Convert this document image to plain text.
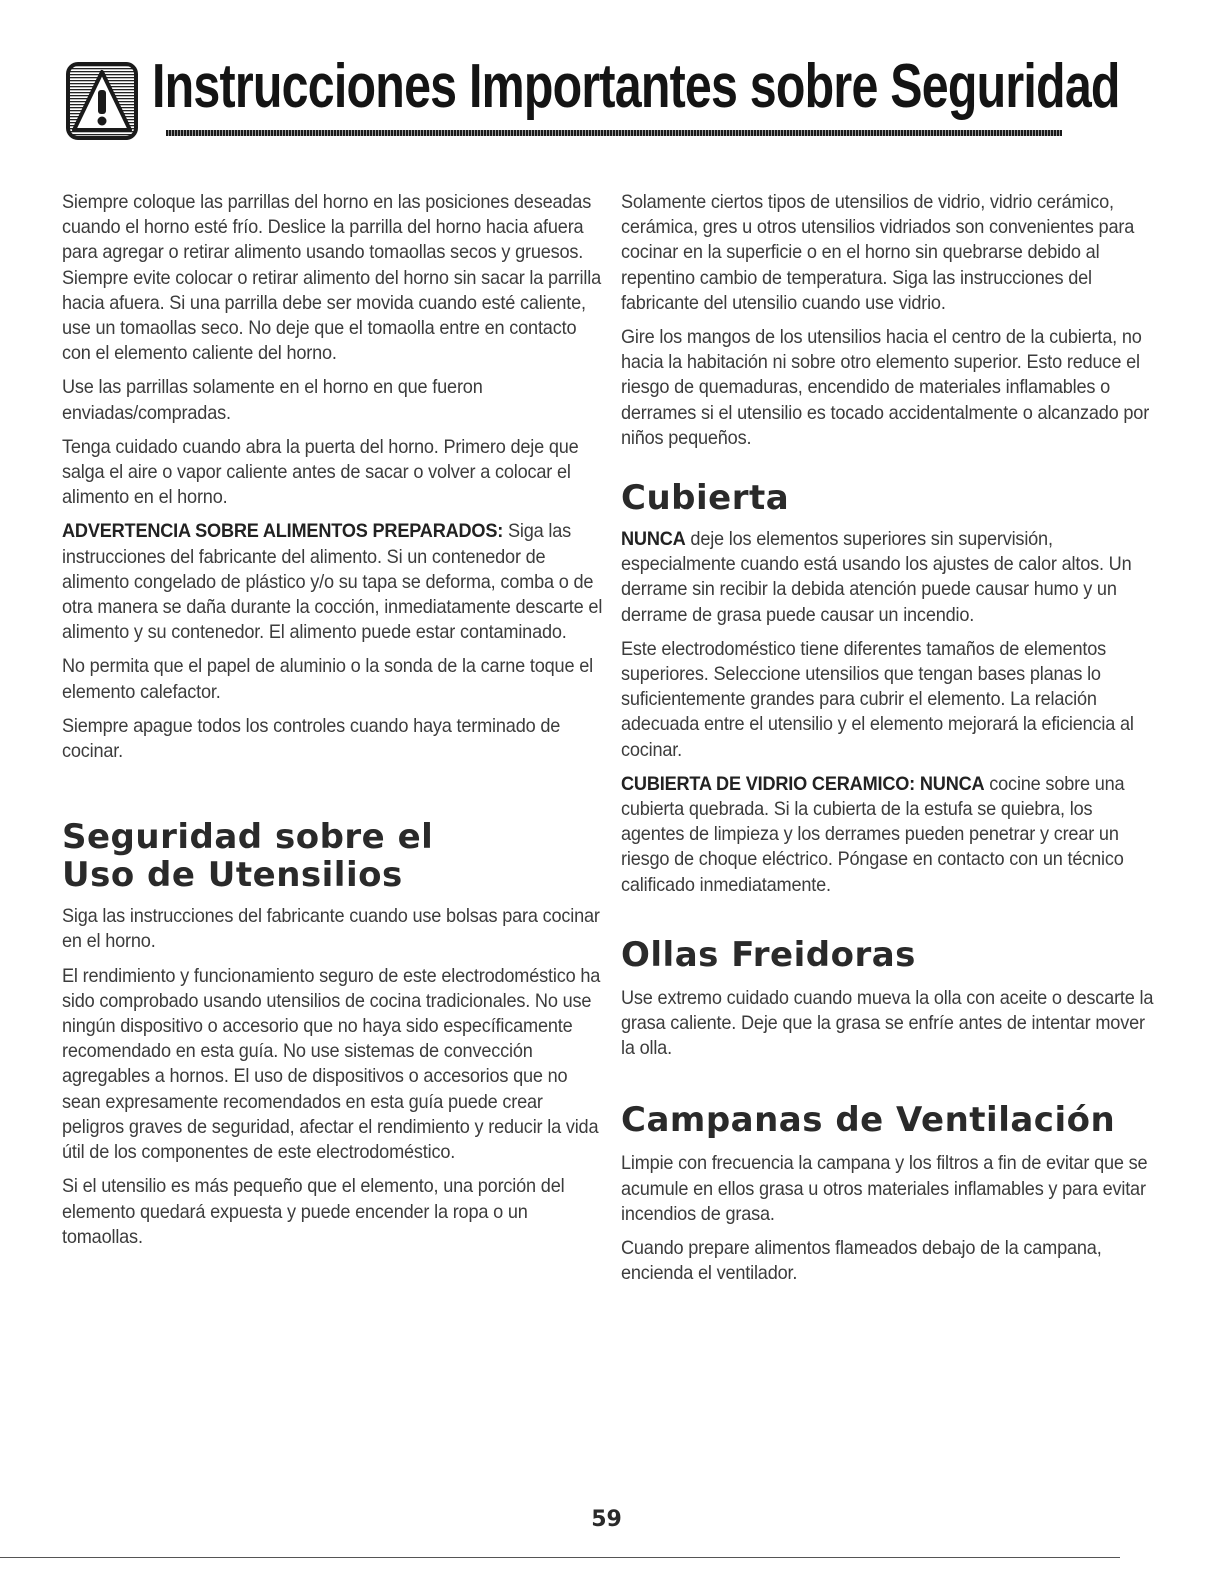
Instrucciones Importantes sobre Seguridad

Siempre coloque las parrillas del horno en las posiciones deseadas cuando el horno esté frío. Deslice la parrilla del horno hacia afuera para agregar o retirar alimento usando tomaollas secos y gruesos. Siempre evite colocar o retirar alimento del horno sin sacar la parrilla hacia afuera. Si una parrilla debe ser movida cuando esté caliente, use un tomaollas seco. No deje que el tomaolla entre en contacto con el elemento caliente del horno.

Use las parrillas solamente en el horno en que fueron enviadas/compradas.

Tenga cuidado cuando abra la puerta del horno. Primero deje que salga el aire o vapor caliente antes de sacar o volver a colocar el alimento en el horno.

ADVERTENCIA SOBRE ALIMENTOS PREPARADOS: Siga las instrucciones del fabricante del alimento. Si un contenedor de alimento congelado de plástico y/o su tapa se deforma, comba o de otra manera se daña durante la cocción, inmediatamente descarte el alimento y su contenedor. El alimento puede estar contaminado.

No permita que el papel de aluminio o la sonda de la carne toque el elemento calefactor.

Siempre apague todos los controles cuando haya terminado de cocinar.

Seguridad sobre el Uso de Utensilios

Siga las instrucciones del fabricante cuando use bolsas para cocinar en el horno.

El rendimiento y funcionamiento seguro de este electrodoméstico ha sido comprobado usando utensilios de cocina tradicionales. No use ningún dispositivo o accesorio que no haya sido específicamente recomendado en esta guía. No use sistemas de convección agregables a hornos. El uso de dispositivos o accesorios que no sean expresamente recomendados en esta guía puede crear peligros graves de seguridad, afectar el rendimiento y reducir la vida útil de los componentes de este electrodoméstico.

Si el utensilio es más pequeño que el elemento, una porción del elemento quedará expuesta y puede encender la ropa o un tomaollas.

Solamente ciertos tipos de utensilios de vidrio, vidrio cerámico, cerámica, gres u otros utensilios vidriados son convenientes para cocinar en la superficie o en el horno sin quebrarse debido al repentino cambio de temperatura. Siga las instrucciones del fabricante del utensilio cuando use vidrio.

Gire los mangos de los utensilios hacia el centro de la cubierta, no hacia la habitación ni sobre otro elemento superior. Esto reduce el riesgo de quemaduras, encendido de materiales inflamables o derrames si el utensilio es tocado accidentalmente o alcanzado por niños pequeños.

Cubierta

NUNCA deje los elementos superiores sin supervisión, especialmente cuando está usando los ajustes de calor altos. Un derrame sin recibir la debida atención puede causar humo y un derrame de grasa puede causar un incendio.

Este electrodoméstico tiene diferentes tamaños de elementos superiores. Seleccione utensilios que tengan bases planas lo suficientemente grandes para cubrir el elemento. La relación adecuada entre el utensilio y el elemento mejorará la eficiencia al cocinar.

CUBIERTA DE VIDRIO CERAMICO: NUNCA cocine sobre una cubierta quebrada. Si la cubierta de la estufa se quiebra, los agentes de limpieza y los derrames pueden penetrar y crear un riesgo de choque eléctrico. Póngase en contacto con un técnico calificado inmediatamente.

Ollas Freidoras

Use extremo cuidado cuando mueva la olla con aceite o descarte la grasa caliente. Deje que la grasa se enfríe antes de intentar mover la olla.

Campanas de Ventilación

Limpie con frecuencia la campana y los filtros a fin de evitar que se acumule en ellos grasa u otros materiales inflamables y para evitar incendios de grasa.

Cuando prepare alimentos flameados debajo de la campana, encienda el ventilador.

59
